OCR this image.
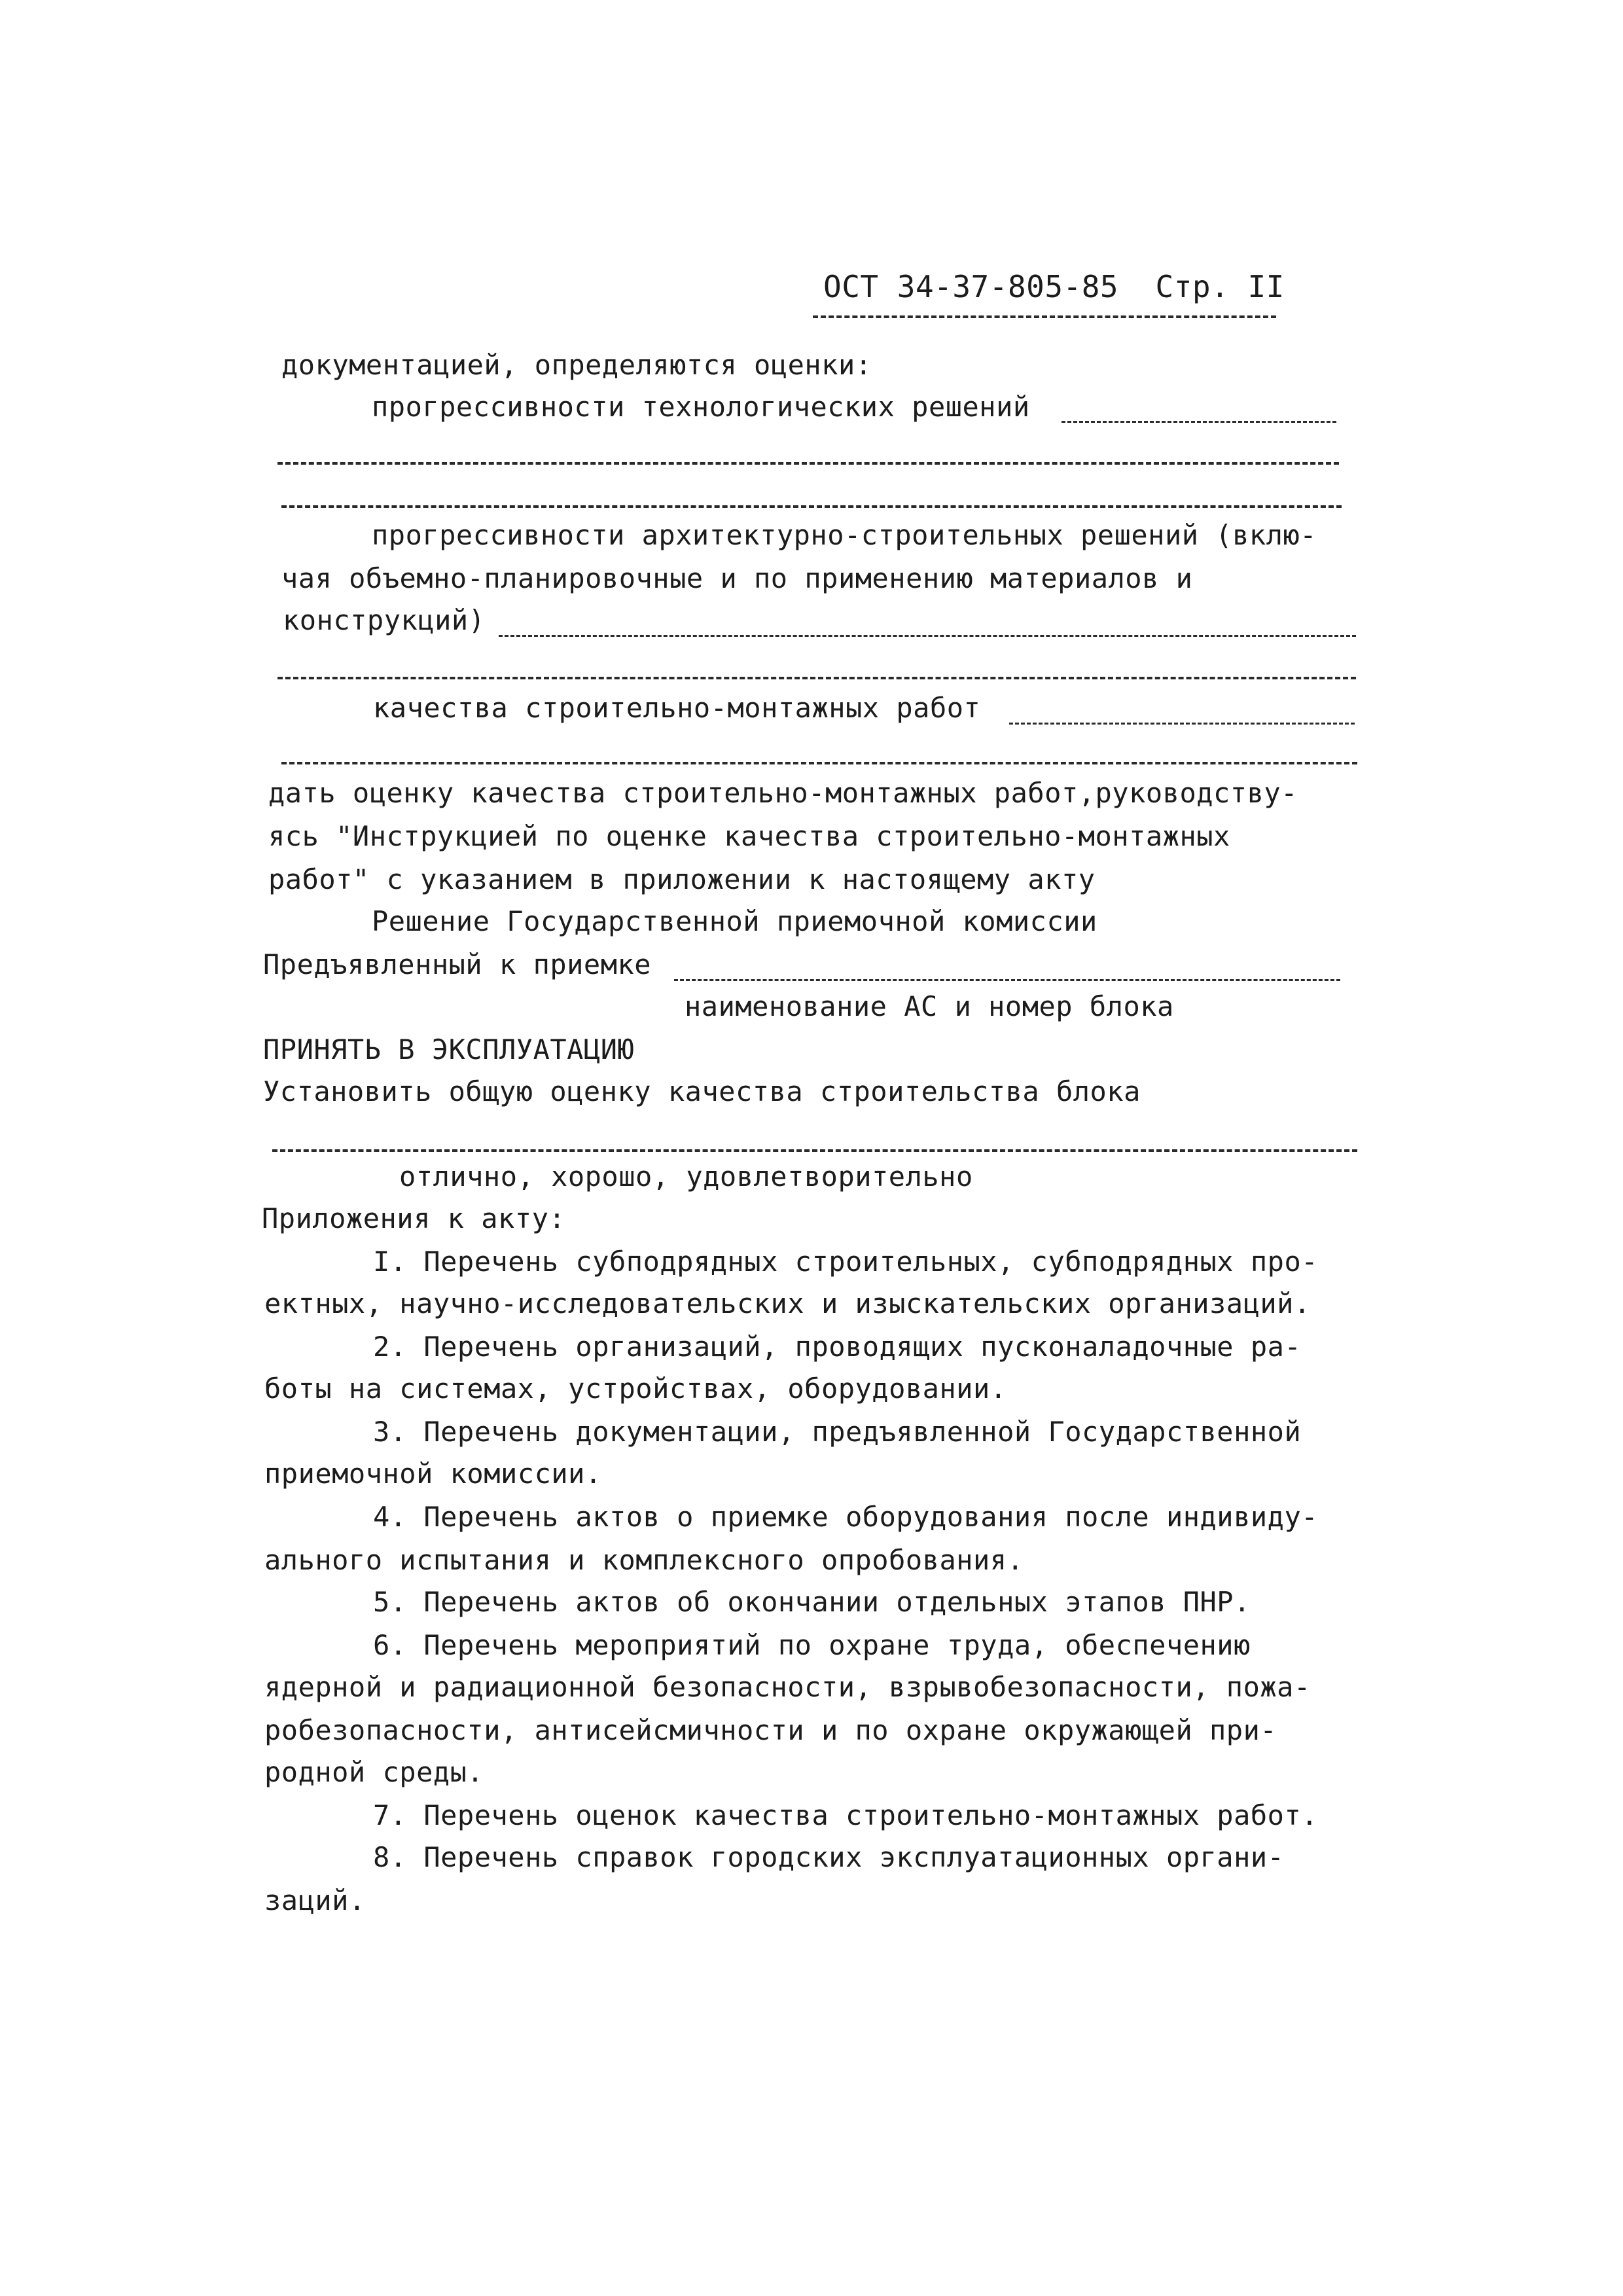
ОСТ 34-37-805-85  Стр. II
документацией, определяются оценки:
прогрессивности технологических решений
прогрессивности архитектурно-строительных решений (вклю-
чая объемно-планировочные и по применению материалов и
конструкций)
качества строительно-монтажных работ
дать оценку качества строительно-монтажных работ,руководству-
ясь "Инструкцией по оценке качества строительно-монтажных
работ" с указанием в приложении к настоящему акту
Решение Государственной приемочной комиссии
Предъявленный к приемке
наименование АС и номер блока
ПРИНЯТЬ В ЭКСПЛУАТАЦИЮ
Установить общую оценку качества строительства блока
отлично, хорошо, удовлетворительно
Приложения к акту:
I. Перечень субподрядных строительных, субподрядных про-
ектных, научно-исследовательских и изыскательских организаций.
2. Перечень организаций, проводящих пусконаладочные ра-
боты на системах, устройствах, оборудовании.
3. Перечень документации, предъявленной Государственной
приемочной комиссии.
4. Перечень актов о приемке оборудования после индивиду-
ального испытания и комплексного опробования.
5. Перечень актов об окончании отдельных этапов ПНР.
6. Перечень мероприятий по охране труда, обеспечению
ядерной и радиационной безопасности, взрывобезопасности, пожа-
робезопасности, антисейсмичности и по охране окружающей при-
родной среды.
7. Перечень оценок качества строительно-монтажных работ.
8. Перечень справок городских эксплуатационных органи-
заций.
